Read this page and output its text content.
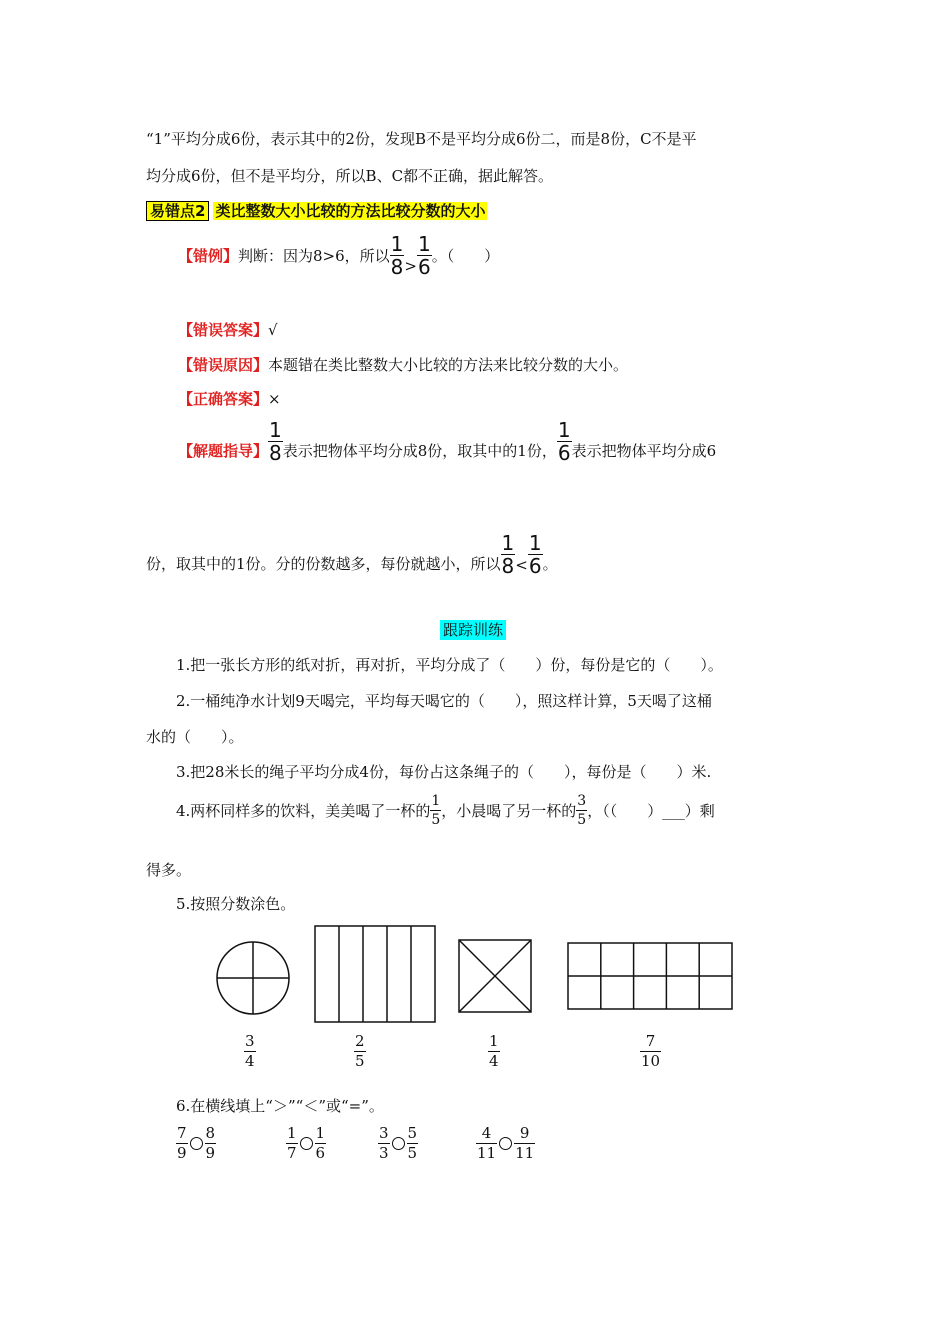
“1”平均分成6份，表示其中的2份，发现B不是平均分成6份二，而是8份，C不是平
均分成6份，但不是平均分，所以B、C都不正确，据此解答。
易错点2 类比整数大小比较的方法比较分数的大小
【错例】 判断：因为8>6，所以 $\frac{1}{8} > \frac{1}{6}$ 。（　　）
【错误答案】√
【错误原因】本题错在类比整数大小比较的方法来比较分数的大小。
【正确答案】×
【解题指导】 $\frac{1}{8}$ 表示把物体平均分成8份，取其中的1份， $\frac{1}{6}$ 表示把物体平均分成6
份，取其中的1份。分的份数越多，每份就越小，所以 $\frac{1}{8} < \frac{1}{6}$ 。
跟踪训练
1.把一张长方形的纸对折，再对折，平均分成了（　　）份，每份是它的（　　）。
2.一桶纯净水计划9天喝完，平均每天喝它的（　　），照这样计算，5天喝了这桶
水的（　　）。
3.把28米长的绳子平均分成4份，每份占这条绳子的（　　），每份是（　　）米.
4.两杯同样多的饮料，美美喝了一杯的 $\frac{1}{5}$ ，小晨喝了另一杯的 $\frac{3}{5}$ ，（（　　）___）剩
得多。
5.按照分数涂色。
$\frac{3}{4}$	$\frac{2}{5}$	$\frac{1}{4}$	$\frac{7}{10}$
6.在横线填上“＞”“＜”或“=”。
$\frac{7}{9} \frac{8}{9}$	$\frac{1}{7} \frac{1}{6}$	$\frac{3}{3} \frac{5}{5}$	$\frac{4}{11} \frac{9}{11}$
